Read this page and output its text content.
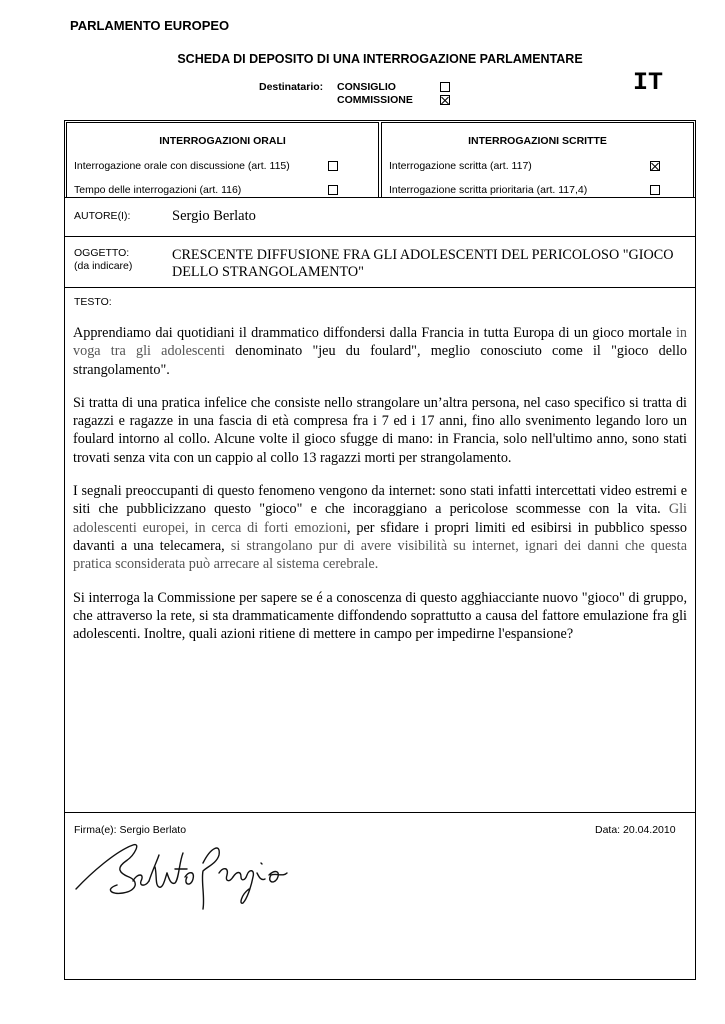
PARLAMENTO EUROPEO
SCHEDA DI DEPOSITO DI UNA INTERROGAZIONE PARLAMENTARE
Destinatario: CONSIGLIO
COMMISSIONE
IT
INTERROGAZIONI ORALI
Interrogazione orale con discussione (art. 115)
Tempo delle interrogazioni (art. 116)
INTERROGAZIONI SCRITTE
Interrogazione scritta (art. 117)
Interrogazione scritta prioritaria (art. 117,4)
AUTORE(I):	Sergio Berlato
OGGETTO:
(da indicare)
CRESCENTE DIFFUSIONE FRA GLI ADOLESCENTI DEL PERICOLOSO "GIOCO DELLO STRANGOLAMENTO"
TESTO:

Apprendiamo dai quotidiani il drammatico diffondersi dalla Francia in tutta Europa di un gioco mortale in voga tra gli adolescenti denominato "jeu du foulard", meglio conosciuto come il "gioco dello strangolamento".

Si tratta di una pratica infelice che consiste nello strangolare un’altra persona, nel caso specifico si tratta di ragazzi e ragazze in una fascia di età compresa fra i 7 ed i 17 anni, fino allo svenimento legando loro un foulard intorno al collo. Alcune volte il gioco sfugge di mano: in Francia, solo nell'ultimo anno, sono stati trovati senza vita con un cappio al collo 13 ragazzi morti per strangolamento.

I segnali preoccupanti di questo fenomeno vengono da internet: sono stati infatti intercettati video estremi e siti che pubblicizzano questo "gioco" e che incoraggiano a pericolose scommesse con la vita. Gli adolescenti europei, in cerca di forti emozioni, per sfidare i propri limiti ed esibirsi in pubblico spesso davanti a una telecamera, si strangolano pur di avere visibilità su internet, ignari dei danni che questa pratica sconsiderata può arrecare al sistema cerebrale.

Si interroga la Commissione per sapere se é a conoscenza di questo agghiacciante nuovo "gioco" di gruppo, che attraverso la rete, si sta drammaticamente diffondendo soprattutto a causa del fattore emulazione fra gli adolescenti. Inoltre, quali azioni ritiene di mettere in campo per impedirne l'espansione?

Firma(e): Sergio Berlato	Data: 20.04.2010
